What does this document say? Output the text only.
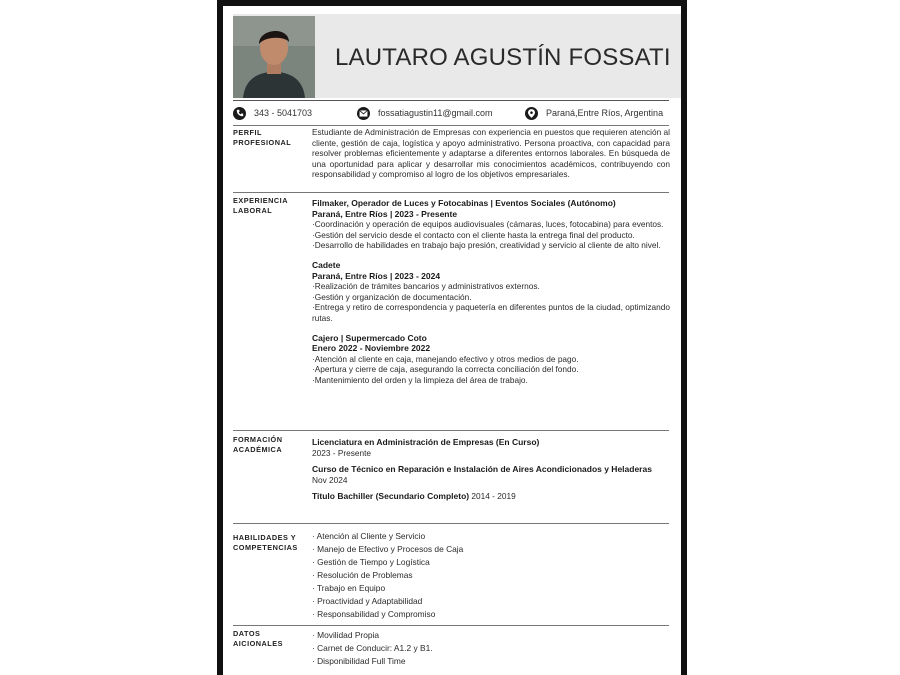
LAUTARO AGUSTÍN FOSSATI
343 - 5041703	fossatiagustin11@gmail.com	Paraná,Entre Ríos, Argentina
PERFIL
PROFESIONAL
Estudiante de Administración de Empresas con experiencia en puestos que requieren atención al cliente, gestión de caja, logística y apoyo administrativo. Persona proactiva, con capacidad para resolver problemas eficientemente y adaptarse a diferentes entornos laborales. En búsqueda de una oportunidad para aplicar y desarrollar mis conocimientos académicos, contribuyendo con responsabilidad y compromiso al logro de los objetivos empresariales.
EXPERIENCIA
LABORAL
Filmaker, Operador de Luces y Fotocabinas | Eventos Sociales (Autónomo)
Paraná, Entre Ríos | 2023 - Presente
·Coordinación y operación de equipos audiovisuales (cámaras, luces, fotocabina) para eventos.
·Gestión del servicio desde el contacto con el cliente hasta la entrega final del producto.
·Desarrollo de habilidades en trabajo bajo presión, creatividad y servicio al cliente de alto nivel.
Cadete
Paraná, Entre Ríos | 2023 - 2024
·Realización de trámites bancarios y administrativos externos.
·Gestión y organización de documentación.
·Entrega y retiro de correspondencia y paquetería en diferentes puntos de la ciudad, optimizando rutas.
Cajero | Supermercado Coto
Enero 2022 - Noviembre 2022
·Atención al cliente en caja, manejando efectivo y otros medios de pago.
·Apertura y cierre de caja, asegurando la correcta conciliación del fondo.
·Mantenimiento del orden y la limpieza del área de trabajo.
FORMACIÓN
ACADÉMICA
Licenciatura en Administración de Empresas (En Curso)
2023 - Presente
Curso de Técnico en Reparación e Instalación de Aires Acondicionados y Heladeras
Nov 2024
Titulo Bachiller (Secundario Completo) 2014 - 2019
HABILIDADES Y
COMPETENCIAS
· Atención al Cliente y Servicio
· Manejo de Efectivo y Procesos de Caja
· Gestión de Tiempo y Logística
· Resolución de Problemas
· Trabajo en Equipo
· Proactividad y Adaptabilidad
· Responsabilidad y Compromiso
DATOS
AICIONALES
· Movilidad Propia
· Carnet de Conducir: A1.2 y B1.
· Disponibilidad Full Time
